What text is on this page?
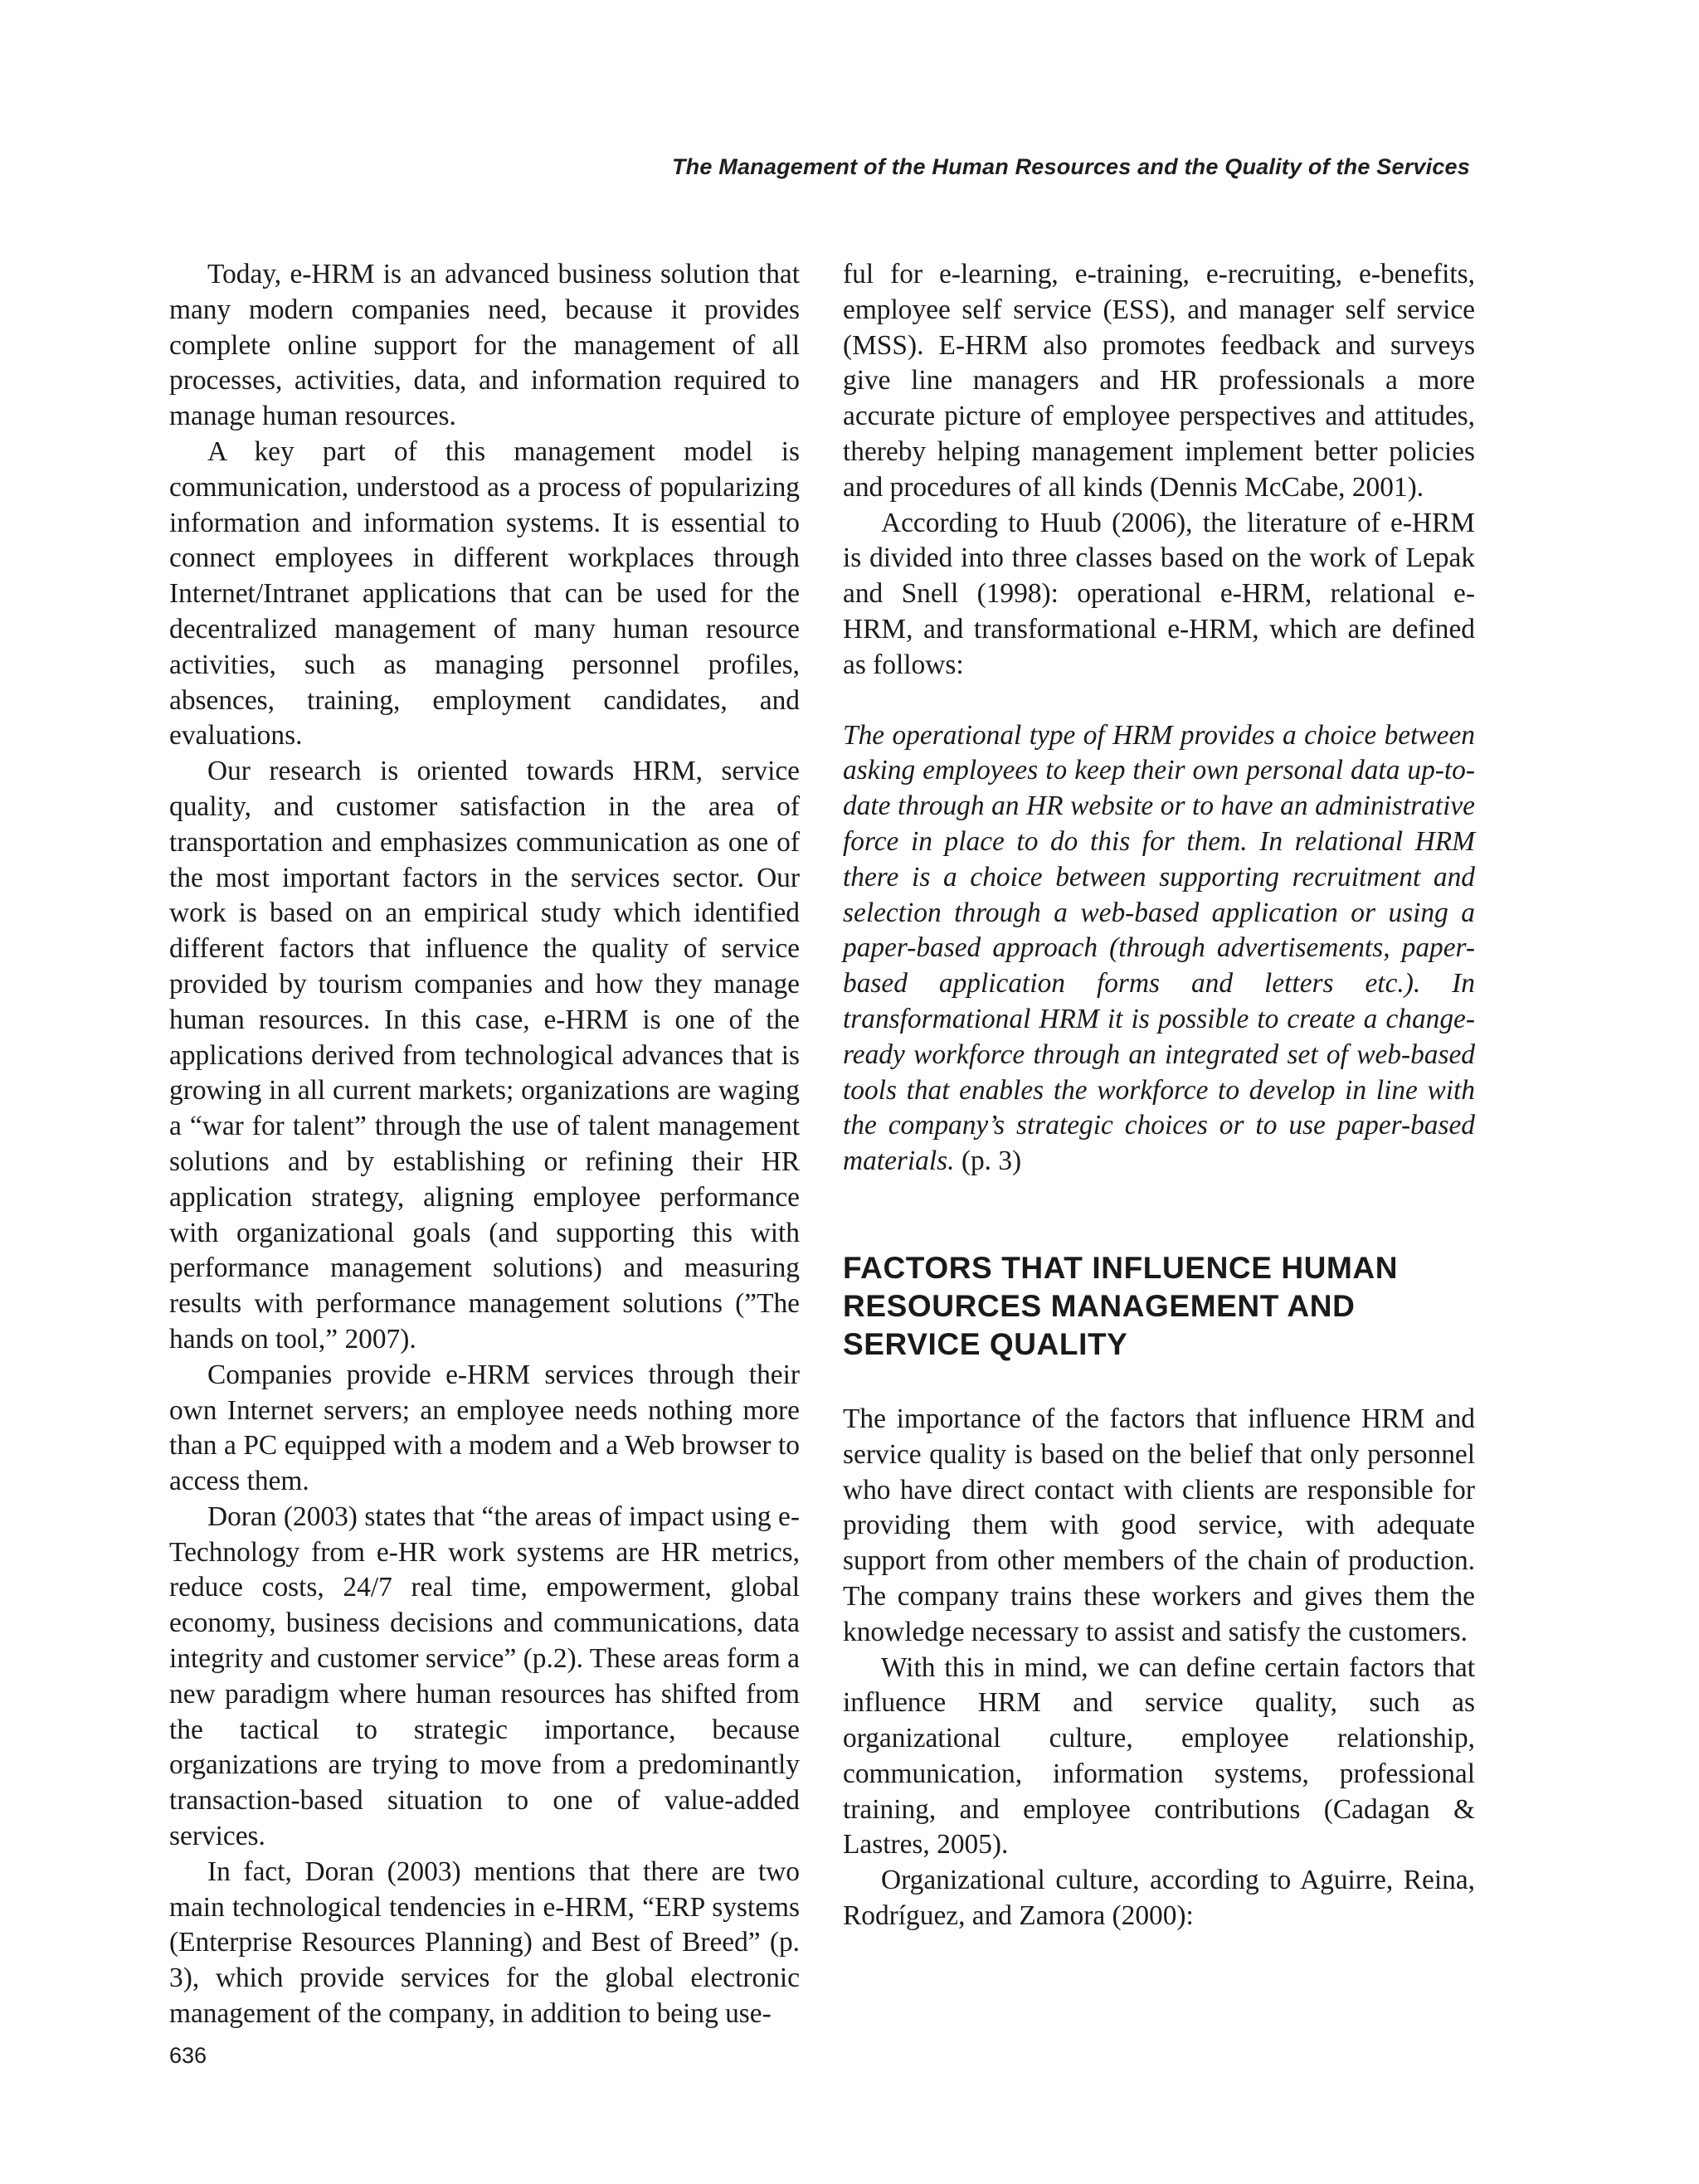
The Management of the Human Resources and the Quality of the Services

Today, e-HRM is an advanced business solution that many modern companies need, because it provides complete online support for the management of all processes, activities, data, and information required to manage human resources.

A key part of this management model is communication, understood as a process of popularizing information and information systems. It is essential to connect employees in different workplaces through Internet/Intranet applications that can be used for the decentralized management of many human resource activities, such as managing personnel profiles, absences, training, employment candidates, and evaluations.

Our research is oriented towards HRM, service quality, and customer satisfaction in the area of transportation and emphasizes communication as one of the most important factors in the services sector. Our work is based on an empirical study which identified different factors that influence the quality of service provided by tourism companies and how they manage human resources. In this case, e-HRM is one of the applications derived from technological advances that is growing in all current markets; organizations are waging a “war for talent” through the use of talent management solutions and by establishing or refining their HR application strategy, aligning employee performance with organizational goals (and supporting this with performance management solutions) and measuring results with performance management solutions (”The hands on tool,” 2007).

Companies provide e-HRM services through their own Internet servers; an employee needs nothing more than a PC equipped with a modem and a Web browser to access them.

Doran (2003) states that “the areas of impact using e-Technology from e-HR work systems are HR metrics, reduce costs, 24/7 real time, empowerment, global economy, business decisions and communications, data integrity and customer service” (p.2). These areas form a new paradigm where human resources has shifted from the tactical to strategic importance, because organizations are trying to move from a predominantly transaction-based situation to one of value-added services.

In fact, Doran (2003) mentions that there are two main technological tendencies in e-HRM, “ERP systems (Enterprise Resources Planning) and Best of Breed” (p. 3), which provide services for the global electronic management of the company, in addition to being use-

ful for e-learning, e-training, e-recruiting, e-benefits, employee self service (ESS), and manager self service (MSS). E-HRM also promotes feedback and surveys give line managers and HR professionals a more accurate picture of employee perspectives and attitudes, thereby helping management implement better policies and procedures of all kinds (Dennis McCabe, 2001).

According to Huub (2006), the literature of e-HRM is divided into three classes based on the work of Lepak and Snell (1998): operational e-HRM, relational e-HRM, and transformational e-HRM, which are defined as follows:

The operational type of HRM provides a choice between asking employees to keep their own personal data up-to-date through an HR website or to have an administrative force in place to do this for them. In relational HRM there is a choice between supporting recruitment and selection through a web-based application or using a paper-based approach (through advertisements, paper-based application forms and letters etc.). In transformational HRM it is possible to create a change-ready workforce through an integrated set of web-based tools that enables the workforce to develop in line with the company’s strategic choices or to use paper-based materials. (p. 3)

FACTORS THAT INFLUENCE HUMAN RESOURCES MANAGEMENT AND SERVICE QUALITY

The importance of the factors that influence HRM and service quality is based on the belief that only personnel who have direct contact with clients are responsible for providing them with good service, with adequate support from other members of the chain of production. The company trains these workers and gives them the knowledge necessary to assist and satisfy the customers.

With this in mind, we can define certain factors that influence HRM and service quality, such as organizational culture, employee relationship, communication, information systems, professional training, and employee contributions (Cadagan & Lastres, 2005).

Organizational culture, according to Aguirre, Reina, Rodríguez, and Zamora (2000):

636
